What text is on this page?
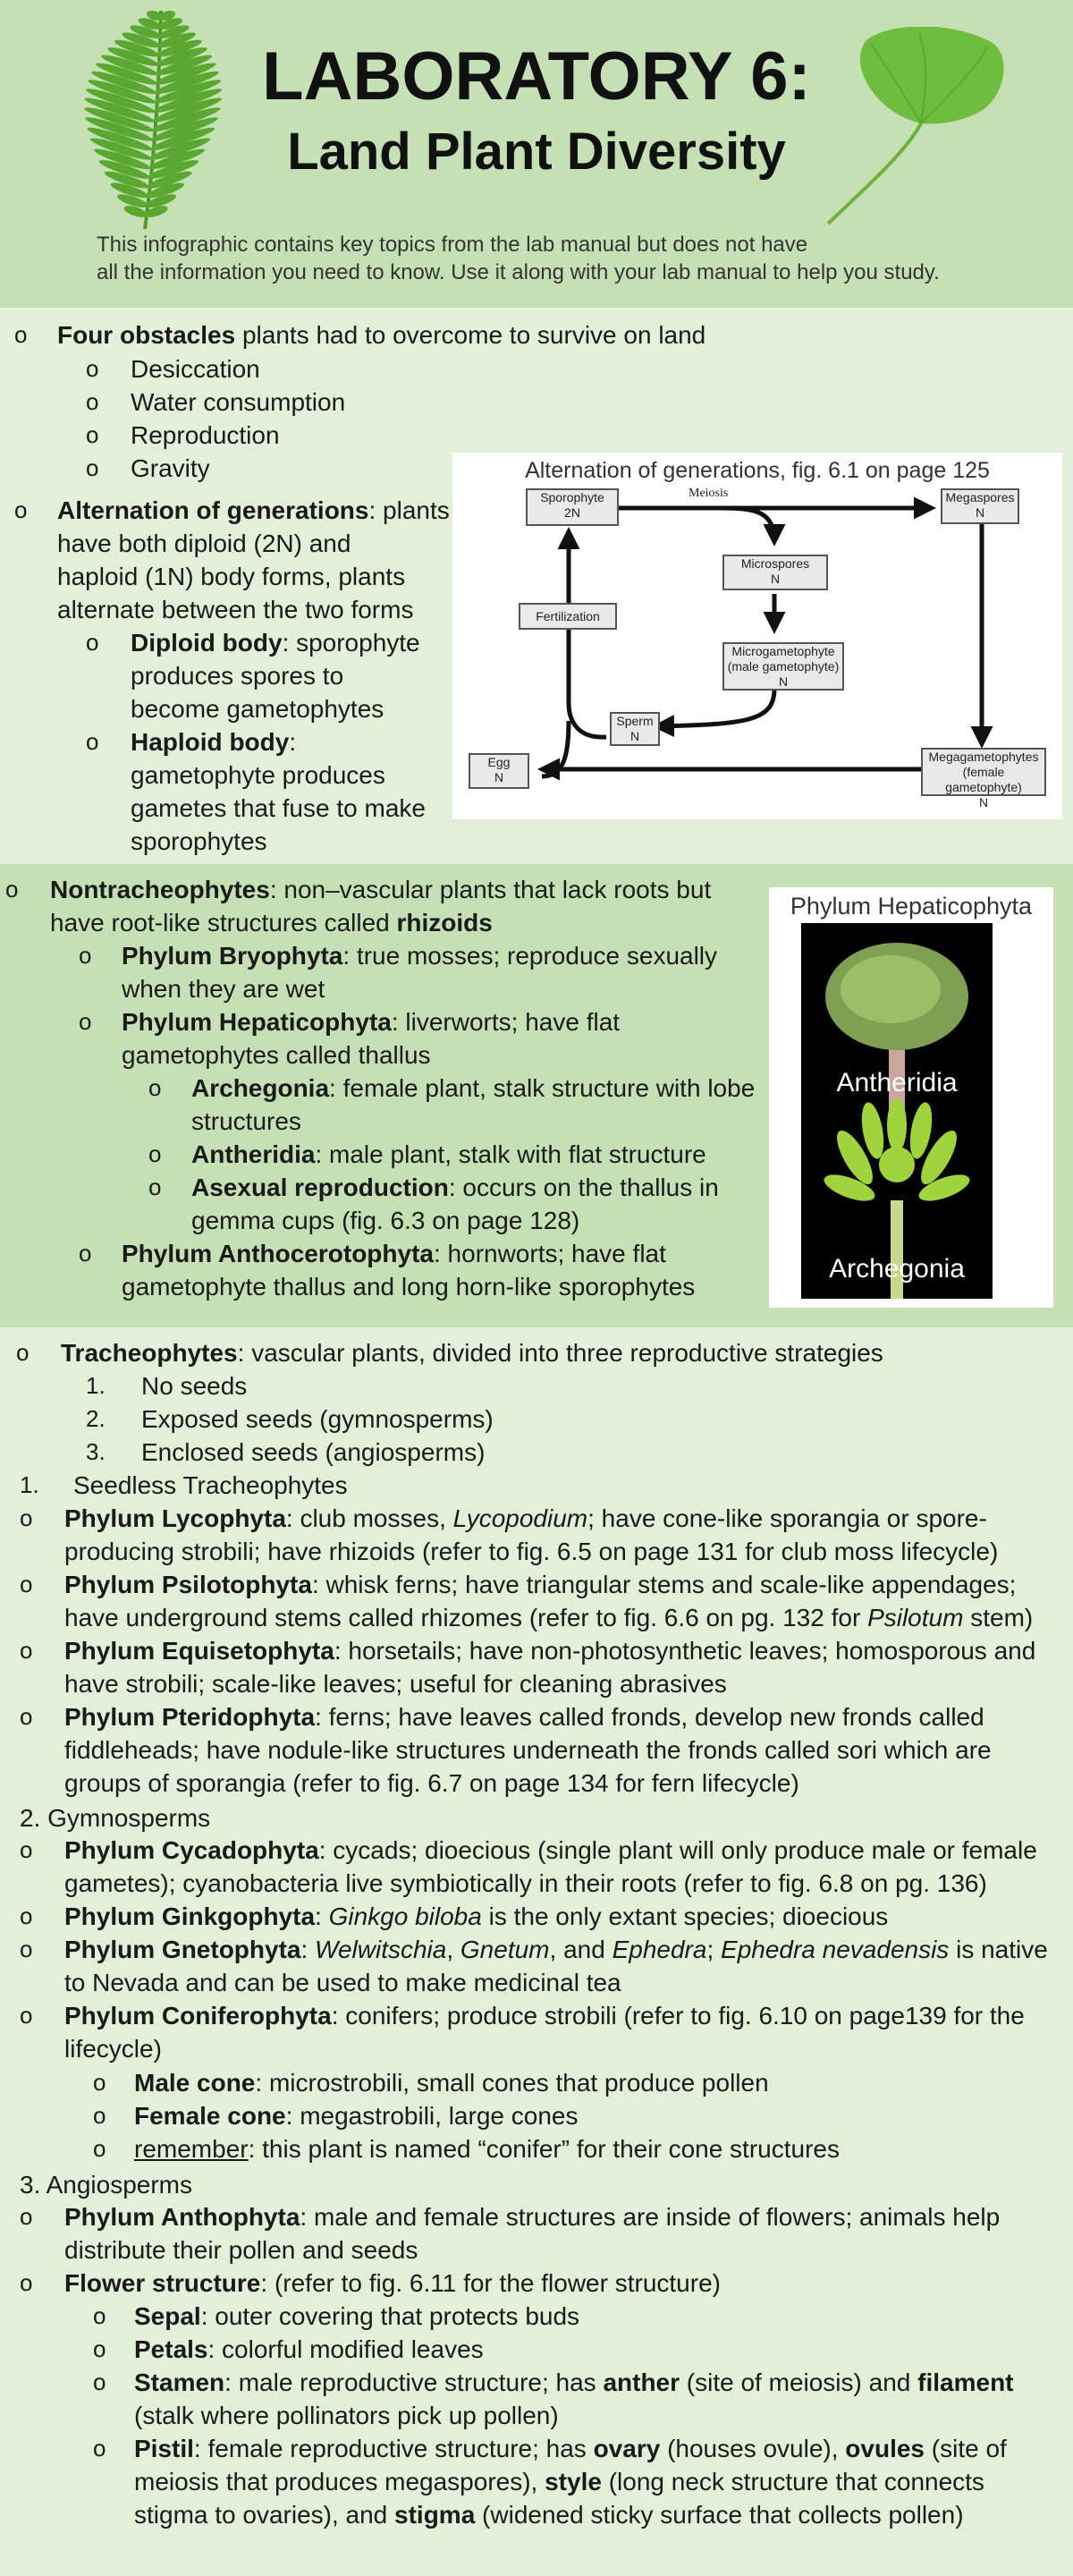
LABORATORY 6:
Land Plant Diversity
This infographic contains key topics from the lab manual but does not have
all the information you need to know. Use it along with your lab manual to help you study.
Four obstacles plants had to overcome to survive on land
o
Desiccation
o
Water consumption
o
Reproduction
o
Gravity
o
Alternation of generations: plants
o
have both diploid (2N) and
haploid (1N) body forms, plants
alternate between the two forms
Diploid body: sporophyte
o
produces spores to
become gametophytes
Haploid body:
o
gametophyte produces
gametes that fuse to make
sporophytes
Alternation of generations, fig. 6.1 on page 125
Sporophyte
2N
Meiosis	Megaspores
N
Microspores
N
Fertilization
Microgametophyte
(male gametophyte)
N
Sperm
N
Egg
N
Megagametophytes
(female gametophyte)
N
Nontracheophytes: non–vascular plants that lack roots but
o
have root-like structures called rhizoids
Phylum Bryophyta: true mosses; reproduce sexually
o
when they are wet
Phylum Hepaticophyta: liverworts; have flat
o
gametophytes called thallus
Archegonia: female plant, stalk structure with lobe
o
structures
Antheridia: male plant, stalk with flat structure
o
Asexual reproduction: occurs on the thallus in
o
gemma cups (fig. 6.3 on page 128)
Phylum Anthocerotophyta: hornworts; have flat
o
gametophyte thallus and long horn-like sporophytes
Phylum Hepaticophyta
Antheridia
Archegonia
Tracheophytes: vascular plants, divided into three reproductive strategies
o
No seeds
1.
Exposed seeds (gymnosperms)
2.
Enclosed seeds (angiosperms)
3.
Seedless Tracheophytes
1.
Phylum Lycophyta: club mosses, Lycopodium; have cone-like sporangia or spore-
o
producing strobili; have rhizoids (refer to fig. 6.5 on page 131 for club moss lifecycle)
Phylum Psilotophyta: whisk ferns; have triangular stems and scale-like appendages;
o
have underground stems called rhizomes (refer to fig. 6.6 on pg. 132 for Psilotum stem)
Phylum Equisetophyta: horsetails; have non-photosynthetic leaves; homosporous and
o
have strobili; scale-like leaves; useful for cleaning abrasives
Phylum Pteridophyta: ferns; have leaves called fronds, develop new fronds called
o
fiddleheads; have nodule-like structures underneath the fronds called sori which are
groups of sporangia (refer to fig. 6.7 on page 134 for fern lifecycle)
2. Gymnosperms
Phylum Cycadophyta: cycads; dioecious (single plant will only produce male or female
o
gametes); cyanobacteria live symbiotically in their roots (refer to fig. 6.8 on pg. 136)
Phylum Ginkgophyta: Ginkgo biloba is the only extant species; dioecious
o
Phylum Gnetophyta: Welwitschia, Gnetum, and Ephedra; Ephedra nevadensis is native
o
to Nevada and can be used to make medicinal tea
Phylum Coniferophyta: conifers; produce strobili (refer to fig. 6.10 on page139 for the
o
lifecycle)
Male cone: microstrobili, small cones that produce pollen
o
Female cone: megastrobili, large cones
o
remember: this plant is named “conifer” for their cone structures
o
3. Angiosperms
Phylum Anthophyta: male and female structures are inside of flowers; animals help
o
distribute their pollen and seeds
Flower structure: (refer to fig. 6.11 for the flower structure)
o
Sepal: outer covering that protects buds
o
Petals: colorful modified leaves
o
Stamen: male reproductive structure; has anther (site of meiosis) and filament
o
(stalk where pollinators pick up pollen)
Pistil: female reproductive structure; has ovary (houses ovule), ovules (site of
o
meiosis that produces megaspores), style (long neck structure that connects
stigma to ovaries), and stigma (widened sticky surface that collects pollen)
